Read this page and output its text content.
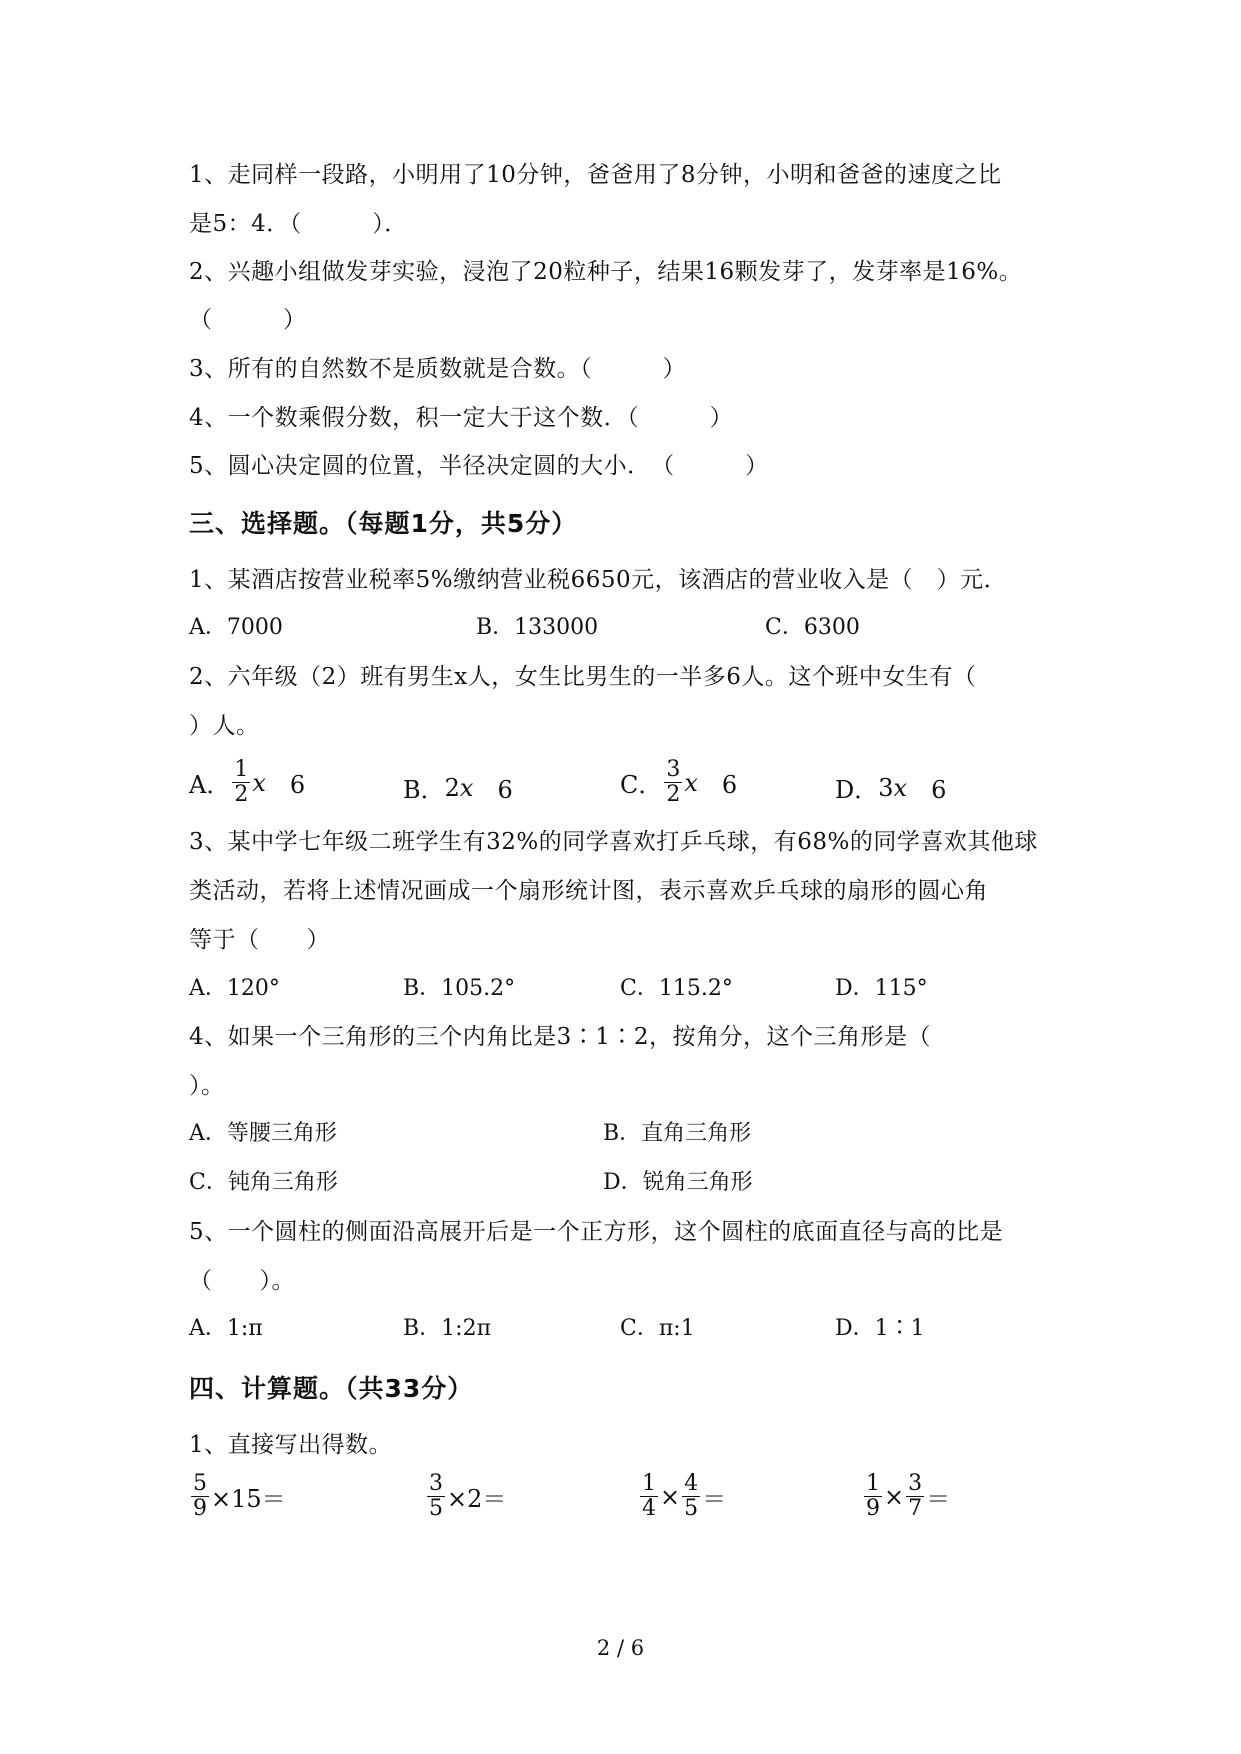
1、走同样一段路，小明用了10分钟，爸爸用了8分钟，小明和爸爸的速度之比
是5：4．（　　　）．
2、兴趣小组做发芽实验，浸泡了20粒种子，结果16颗发芽了，发芽率是16%。
（　　　）
3、所有的自然数不是质数就是合数。（　　　）
4、一个数乘假分数，积一定大于这个数．（　　　）
5、圆心决定圆的位置，半径决定圆的大小．　（　　　）
三、选择题。（每题1分，共5分）
1、某酒店按营业税率5%缴纳营业税6650元，该酒店的营业收入是（　）元．
A．7000	B．133000	C．6300
2、六年级（2）班有男生x人，女生比男生的一半多6人。这个班中女生有（
）人。
A． $\frac{1}{2}$ x 　6	B． 2 x 　6	C． $\frac{3}{2}$ x 　6	D． 3 x 　6
3、某中学七年级二班学生有32%的同学喜欢打乒乓球，有68%的同学喜欢其他球
类活动，若将上述情况画成一个扇形统计图，表示喜欢乒乓球的扇形的圆心角
等于（　　）
A．120°	B．105.2°	C．115.2°	D．115°
4、如果一个三角形的三个内角比是3∶1∶2，按角分，这个三角形是（
）。
A．等腰三角形	B．直角三角形
C．钝角三角形	D．锐角三角形
5、一个圆柱的侧面沿高展开后是一个正方形，这个圆柱的底面直径与高的比是
（　　）。
A．1:π	B．1:2π	C．π:1	D．1∶1
四、计算题。（共33分）
1、直接写出得数。
$\frac{5}{9} \times 15=$	$\frac{3}{5} \times 2=$	$\frac{1}{4} \times \frac{4}{5}$ ＝	$\frac{1}{9} \times \frac{3}{7}$ ＝
2 / 6
